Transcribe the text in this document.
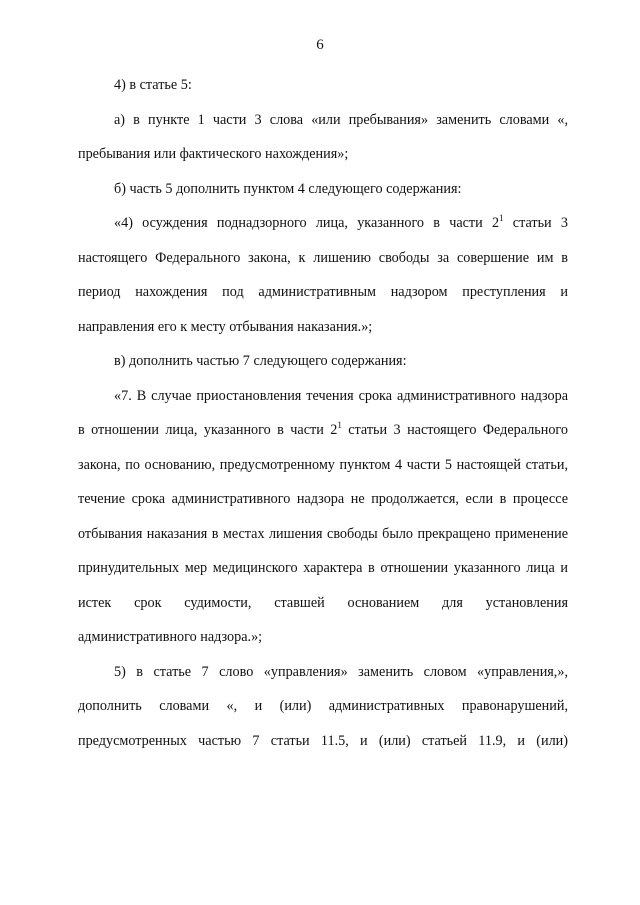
6

4) в статье 5:

а) в пункте 1 части 3 слова «или пребывания» заменить словами «, пребывания или фактического нахождения»;

б) часть 5 дополнить пунктом 4 следующего содержания:

«4) осуждения поднадзорного лица, указанного в части $2^1$ статьи 3 настоящего Федерального закона, к лишению свободы за совершение им в период нахождения под административным надзором преступления и направления его к месту отбывания наказания.»;

в) дополнить частью 7 следующего содержания:

«7. В случае приостановления течения срока административного надзора в отношении лица, указанного в части $2^1$ статьи 3 настоящего Федерального закона, по основанию, предусмотренному пунктом 4 части 5 настоящей статьи, течение срока административного надзора не продолжается, если в процессе отбывания наказания в местах лишения свободы было прекращено применение принудительных мер медицинского характера в отношении указанного лица и истек срок судимости, ставшей основанием для установления административного надзора.»;

5) в статье 7 слово «управления» заменить словом «управления,», дополнить словами «, и (или) административных правонарушений, предусмотренных частью 7 статьи 11.5, и (или) статьей 11.9, и (или)
